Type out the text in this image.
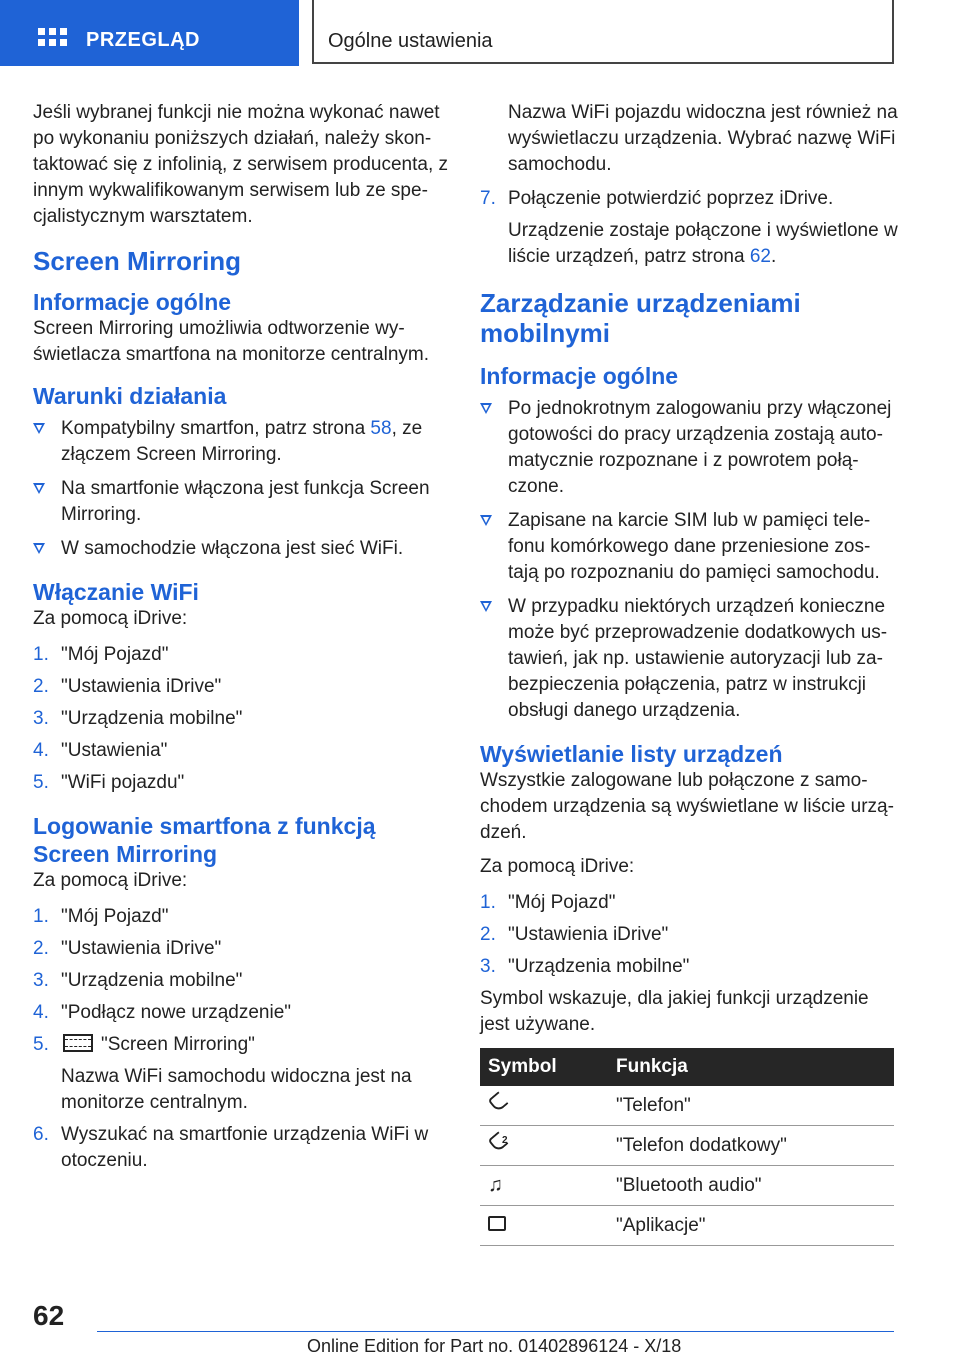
PRZEGLĄD	Ogólne ustawienia

Jeśli wybranej funkcji nie można wykonać nawet po wykonaniu poniższych działań, należy skon-taktować się z infolinią, z serwisem producenta, z innym wykwalifikowanym serwisem lub ze spe-cjalistycznym warsztatem.

Screen Mirroring
Informacje ogólne

Screen Mirroring umożliwia odtworzenie wy-świetlacza smartfona na monitorze centralnym.

Warunki działania
Kompatybilny smartfon, patrz strona 58, ze złączem Screen Mirroring.
Na smartfonie włączona jest funkcja Screen Mirroring.
W samochodzie włączona jest sieć WiFi.
Włączanie WiFi

Za pomocą iDrive:

1. "Mój Pojazd"
2. "Ustawienia iDrive"
3. "Urządzenia mobilne"
4. "Ustawienia"
5. "WiFi pojazdu"
Logowanie smartfona z funkcją Screen Mirroring

Za pomocą iDrive:

1. "Mój Pojazd"
2. "Ustawienia iDrive"
3. "Urządzenia mobilne"
4. "Podłącz nowe urządzenie"
5.	"Screen Mirroring"
Nazwa WiFi samochodu widoczna jest na monitorze centralnym.
6. Wyszukać na smartfonie urządzenia WiFi w otoczeniu.
Nazwa WiFi pojazdu widoczna jest również na wyświetlaczu urządzenia. Wybrać nazwę WiFi samochodu.
7. Połączenie potwierdzić poprzez iDrive.
Urządzenie zostaje połączone i wyświetlone w liście urządzeń, patrz strona 62.
Zarządzanie urządzeniami mobilnymi
Informacje ogólne
Po jednokrotnym zalogowaniu przy włączonej gotowości do pracy urządzenia zostają auto-matycznie rozpoznane i z powrotem połą-czone.
Zapisane na karcie SIM lub w pamięci tele-fonu komórkowego dane przeniesione zos-tają po rozpoznaniu do pamięci samochodu.
W przypadku niektórych urządzeń konieczne może być przeprowadzenie dodatkowych us-tawień, jak np. ustawienie autoryzacji lub za-bezpieczenia połączenia, patrz w instrukcji obsługi danego urządzenia.
Wyświetlanie listy urządzeń

Wszystkie zalogowane lub połączone z samo-chodem urządzenia są wyświetlane w liście urzą-dzeń.

Za pomocą iDrive:

1. "Mój Pojazd"
2. "Ustawienia iDrive"
3. "Urządzenia mobilne"

Symbol wskazuje, dla jakiej funkcji urządzenie jest używane.

Symbol	Funkcja
	"Telefon"

2	"Telefon dodatkowy"
♫	"Bluetooth audio"
	"Aplikacje"
62
Online Edition for Part no. 01402896124 - X/18
